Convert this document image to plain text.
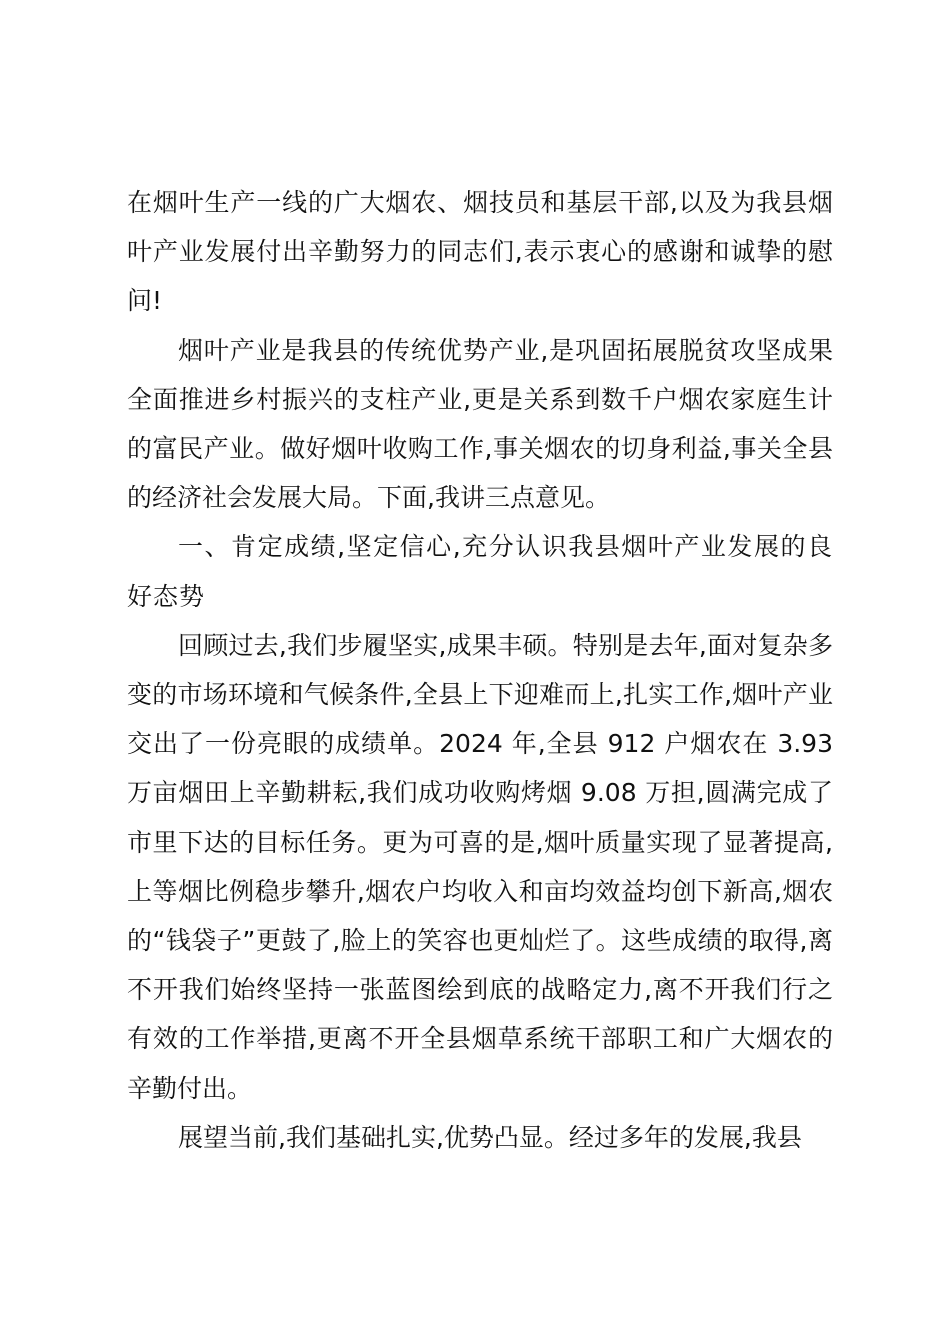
在烟叶生产一线的广大烟农、烟技员和基层干部,以及为我县烟叶产业发展付出辛勤努力的同志们,表示衷心的感谢和诚挚的慰问!

烟叶产业是我县的传统优势产业,是巩固拓展脱贫攻坚成果全面推进乡村振兴的支柱产业,更是关系到数千户烟农家庭生计的富民产业。做好烟叶收购工作,事关烟农的切身利益,事关全县的经济社会发展大局。下面,我讲三点意见。

一、肯定成绩,坚定信心,充分认识我县烟叶产业发展的良好态势

回顾过去,我们步履坚实,成果丰硕。特别是去年,面对复杂多变的市场环境和气候条件,全县上下迎难而上,扎实工作,烟叶产业交出了一份亮眼的成绩单。2024 年,全县 912 户烟农在 3.93 万亩烟田上辛勤耕耘,我们成功收购烤烟 9.08 万担,圆满完成了市里下达的目标任务。更为可喜的是,烟叶质量实现了显著提高,上等烟比例稳步攀升,烟农户均收入和亩均效益均创下新高,烟农的“钱袋子”更鼓了,脸上的笑容也更灿烂了。这些成绩的取得,离不开我们始终坚持一张蓝图绘到底的战略定力,离不开我们行之有效的工作举措,更离不开全县烟草系统干部职工和广大烟农的辛勤付出。

展望当前,我们基础扎实,优势凸显。经过多年的发展,我县
